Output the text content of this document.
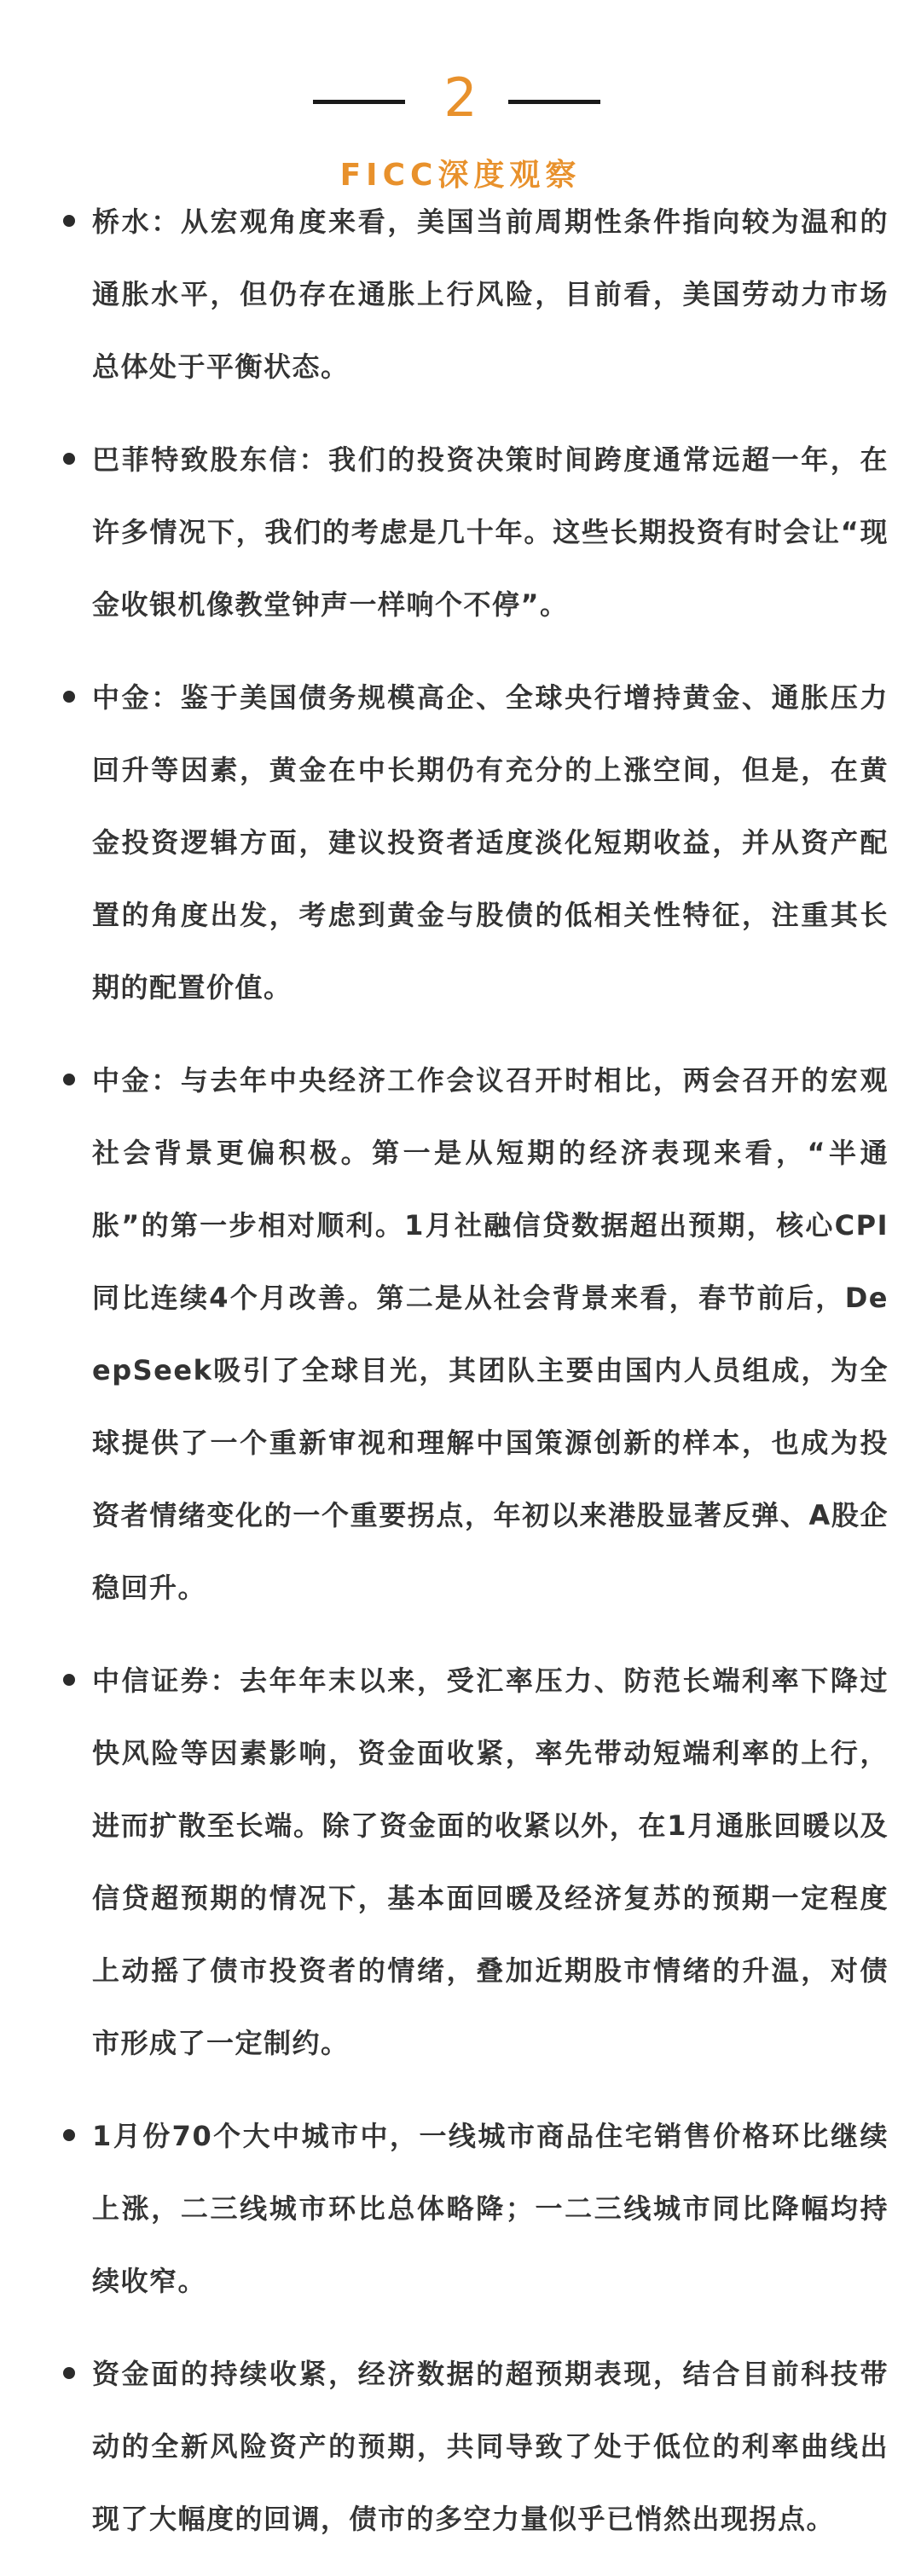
2
FICC深度观察
桥水：从宏观角度来看，美国当前周期性条件指向较为温和的通胀水平，但仍存在通胀上行风险，目前看，美国劳动力市场总体处于平衡状态。
巴菲特致股东信：我们的投资决策时间跨度通常远超一年，在许多情况下，我们的考虑是几十年。这些长期投资有时会让“现金收银机像教堂钟声一样响个不停”。
中金：鉴于美国债务规模高企、全球央行增持黄金、通胀压力回升等因素，黄金在中长期仍有充分的上涨空间，但是，在黄金投资逻辑方面，建议投资者适度淡化短期收益，并从资产配置的角度出发，考虑到黄金与股债的低相关性特征，注重其长期的配置价值。
中金：与去年中央经济工作会议召开时相比，两会召开的宏观社会背景更偏积极。第一是从短期的经济表现来看，“半通胀”的第一步相对顺利。1月社融信贷数据超出预期，核心CPI同比连续4个月改善。第二是从社会背景来看，春节前后，DeepSeek吸引了全球目光，其团队主要由国内人员组成，为全球提供了一个重新审视和理解中国策源创新的样本，也成为投资者情绪变化的一个重要拐点，年初以来港股显著反弹、A股企稳回升。
中信证券：去年年末以来，受汇率压力、防范长端利率下降过快风险等因素影响，资金面收紧，率先带动短端利率的上行，进而扩散至长端。除了资金面的收紧以外，在1月通胀回暖以及信贷超预期的情况下，基本面回暖及经济复苏的预期一定程度上动摇了债市投资者的情绪，叠加近期股市情绪的升温，对债市形成了一定制约。
1月份70个大中城市中，一线城市商品住宅销售价格环比继续上涨，二三线城市环比总体略降；一二三线城市同比降幅均持续收窄。
资金面的持续收紧，经济数据的超预期表现，结合目前科技带动的全新风险资产的预期，共同导致了处于低位的利率曲线出现了大幅度的回调，债市的多空力量似乎已悄然出现拐点。
